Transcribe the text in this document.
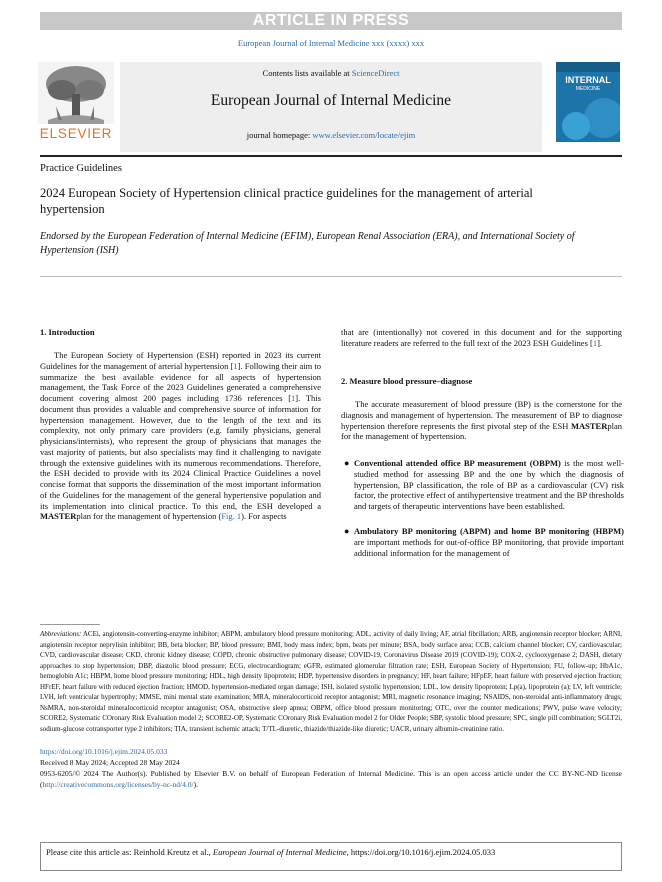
ARTICLE IN PRESS
European Journal of Internal Medicine xxx (xxxx) xxx
ELSEVIER
Contents lists available at ScienceDirect
European Journal of Internal Medicine
journal homepage: www.elsevier.com/locate/ejim
INTERNAL
MEDICINE
Practice Guidelines
2024 European Society of Hypertension clinical practice guidelines for the management of arterial hypertension
Endorsed by the European Federation of Internal Medicine (EFIM), European Renal Association (ERA), and International Society of Hypertension (ISH)
1. Introduction
The European Society of Hypertension (ESH) reported in 2023 its current Guidelines for the management of arterial hypertension [1]. Following their aim to summarize the best available evidence for all aspects of hypertension management, the Task Force of the 2023 Guidelines generated a comprehensive document covering almost 200 pages including 1736 references [1]. This document thus provides a valuable and comprehensive source of information for hypertension management. However, due to the length of the text and its complexity, not only primary care providers (e.g. family physicians, general physicians/internists), who represent the group of physicians that manages the vast majority of patients, but also specialists may find it challenging to navigate through the extensive guidelines with its numerous recommendations. Therefore, the ESH decided to provide with its 2024 Clinical Practice Guidelines a novel concise format that supports the dissemination of the most important information of the Guidelines for the management of the general hypertensive population and its implementation into clinical practice. To this end, the ESH developed a MASTERplan for the management of hypertension (Fig. 1). For aspects
that are (intentionally) not covered in this document and for the supporting literature readers are referred to the full text of the 2023 ESH Guidelines [1].
2. Measure blood pressure–diagnose
The accurate measurement of blood pressure (BP) is the cornerstone for the diagnosis and management of hypertension. The measurement of BP to diagnose hypertension therefore represents the first pivotal step of the ESH MASTERplan for the management of hypertension.
● Conventional attended office BP measurement (OBPM) is the most well-studied method for assessing BP and the one by which the diagnosis of hypertension, BP classification, the role of BP as a cardiovascular (CV) risk factor, the protective effect of antihypertensive treatment and the BP thresholds and targets of therapeutic interventions have been established.
● Ambulatory BP monitoring (ABPM) and home BP monitoring (HBPM) are important methods for out-of-office BP monitoring, that provide important additional information for the management of
Abbreviations: ACEi, angiotensin-converting-enzyme inhibitor; ABPM, ambulatory blood pressure monitoring; ADL, activity of daily living; AF, atrial fibrillation; ARB, angiotensin receptor blocker; ARNI, angiotensin receptor neprylisin inhibitor; BB, beta blocker; BP, blood pressure; BMI, body mass index; bpm, beats per minute; BSA, body surface area; CCB, calcium channel blocker; CV, cardiovascular; CVD, cardiovascular disease; CKD, chronic kidney disease; COPD, chronic obstructive pulmonary disease; COVID-19, Coronavirus Disease 2019 (COVID-19); COX-2, cyclooxygenase 2; DASH, dietary approaches to stop hypertension; DBP, diastolic blood pressure; ECG, electrocardiogram; eGFR, estimated glomerular filtration rate; ESH, European Society of Hypertension; FU, follow-up; HbA1c, hemoglobin A1c; HBPM, home blood pressure monitoring; HDL, high density lipoprotein; HDP, hypertensive disorders in pregnancy; HF, heart failure; HFpEF, heart failure with preserved ejection fraction; HFrEF, heart failure with reduced ejection fraction; HMOD, hypertension-mediated organ damage; ISH, isolated systolic hypertension; LDL, low density lipoprotein; Lp(a), lipoprotein (a); LV, left ventricle; LVH, left ventricular hypertrophy; MMSE, mini mental state examination; MRA, mineralocorticoid receptor antagonist; MRI, magnetic resonance imaging; NSAIDS, non-steroidal anti-inflammatory drugs; NsMRA, non-steroidal mineralocorticoid receptor antagonist; OSA, obstructive sleep apnea; OBPM, office blood pressure monitoring; OTC, over the counter medications; PWV, pulse wave velocity; SCORE2, Systematic COronary Risk Evaluation model 2; SCORE2-OP, Systematic COronary Risk Evaluation model 2 for Older People; SBP, systolic blood pressure; SPC, single pill combination; SGLT2i, sodium-glucose cotransporter type 2 inhibitors; TIA, transient ischemic attack; T/TL-diuretic, thiazide/thiazide-like diuretic; UACR, urinary albumin-creatinine ratio.
https://doi.org/10.1016/j.ejim.2024.05.033
Received 8 May 2024; Accepted 28 May 2024
0953-6205/© 2024 The Author(s). Published by Elsevier B.V. on behalf of European Federation of Internal Medicine. This is an open access article under the CC BY-NC-ND license (http://creativecommons.org/licenses/by-nc-nd/4.0/).
Please cite this article as: Reinhold Kreutz et al., European Journal of Internal Medicine, https://doi.org/10.1016/j.ejim.2024.05.033
